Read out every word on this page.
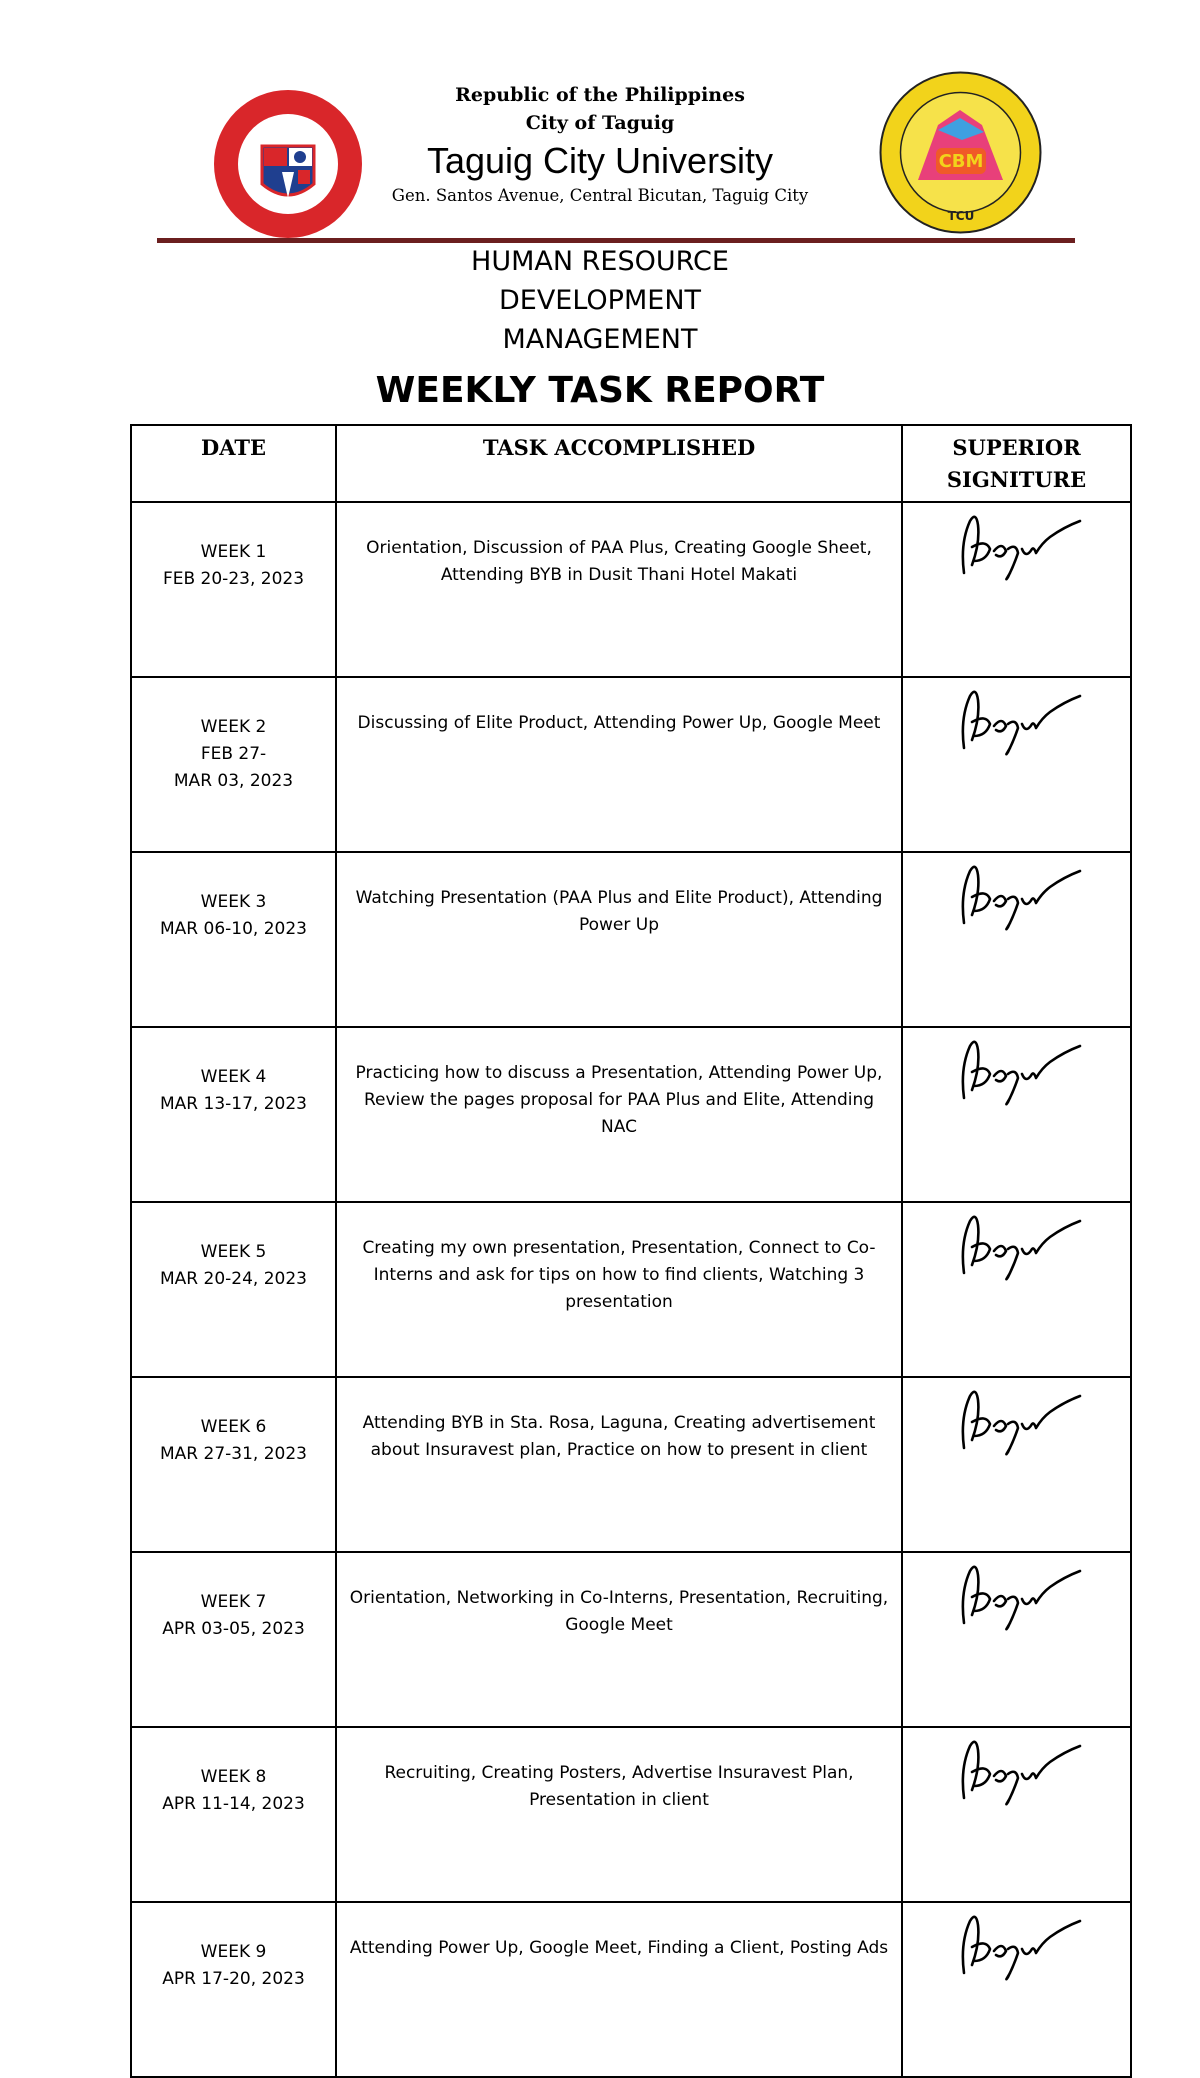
CBM
TCU
Republic of the Philippines
City of Taguig
Taguig City University
Gen. Santos Avenue, Central Bicutan, Taguig City
HUMAN RESOURCE
DEVELOPMENT
MANAGEMENT
WEEKLY TASK REPORT
DATE	TASK ACCOMPLISHED	SUPERIOR
SIGNITURE

WEEK 1
FEB 20-23, 2023	Orientation, Discussion of PAA Plus, Creating Google Sheet, Attending BYB in Dusit Thani Hotel Makati	

WEEK 2
FEB 27-
MAR 03, 2023	Discussing of Elite Product, Attending Power Up, Google Meet	

WEEK 3
MAR 06-10, 2023	Watching Presentation (PAA Plus and Elite Product), Attending Power Up	

WEEK 4
MAR 13-17, 2023	Practicing how to discuss a Presentation, Attending Power Up, Review the pages proposal for PAA Plus and Elite, Attending NAC	

WEEK 5
MAR 20-24, 2023	Creating my own presentation, Presentation, Connect to Co-Interns and ask for tips on how to find clients, Watching 3 presentation	

WEEK 6
MAR 27-31, 2023	Attending BYB in Sta. Rosa, Laguna, Creating advertisement about Insuravest plan, Practice on how to present in client	

WEEK 7
APR 03-05, 2023	Orientation, Networking in Co-Interns, Presentation, Recruiting, Google Meet	

WEEK 8
APR 11-14, 2023	Recruiting, Creating Posters, Advertise Insuravest Plan, Presentation in client	

WEEK 9
APR 17-20, 2023	Attending Power Up, Google Meet, Finding a Client, Posting Ads	
